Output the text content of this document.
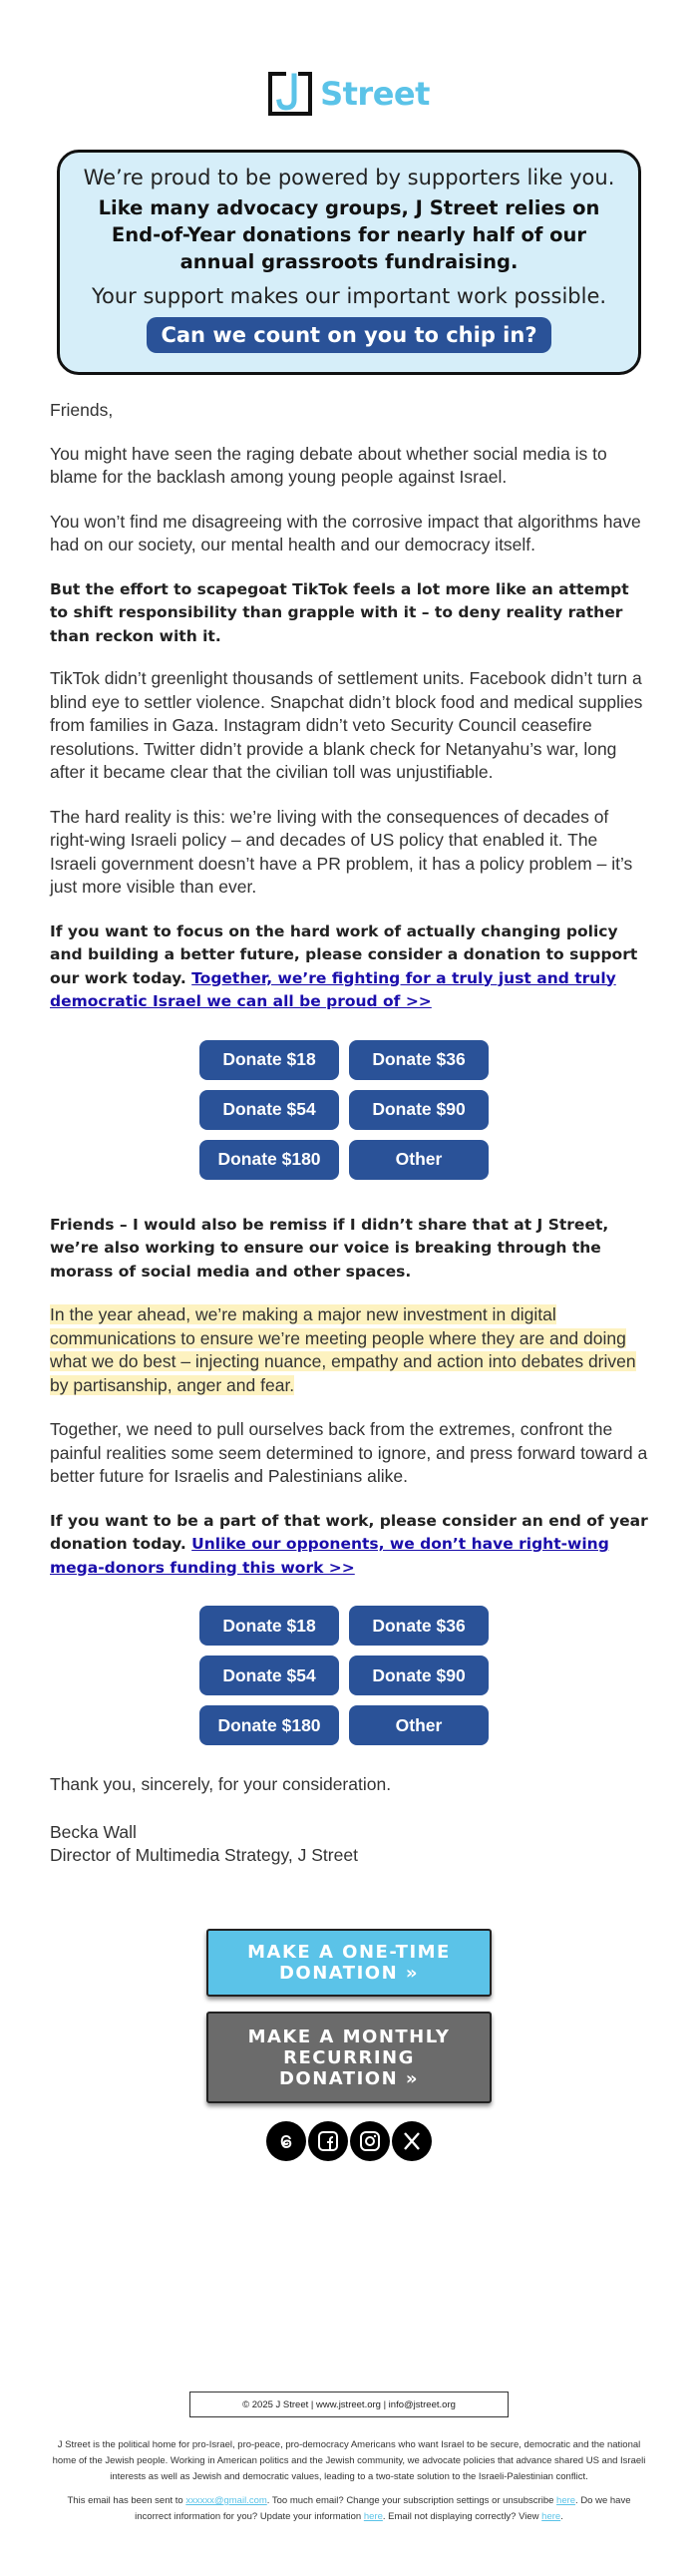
Street
We’re proud to be powered by supporters like you.
Like many advocacy groups, J Street relies on End-of-Year donations for nearly half of our annual grassroots fundraising.
Your support makes our important work possible.
Can we count on you to chip in?
Friends,
You might have seen the raging debate about whether social media is to blame for the backlash among young people against Israel.
You won’t find me disagreeing with the corrosive impact that algorithms have had on our society, our mental health and our democracy itself.
But the effort to scapegoat TikTok feels a lot more like an attempt to shift responsibility than grapple with it – to deny reality rather than reckon with it.
TikTok didn’t greenlight thousands of settlement units. Facebook didn’t turn a blind eye to settler violence. Snapchat didn’t block food and medical supplies from families in Gaza. Instagram didn’t veto Security Council ceasefire resolutions. Twitter didn’t provide a blank check for Netanyahu’s war, long after it became clear that the civilian toll was unjustifiable.
The hard reality is this: we’re living with the consequences of decades of right-wing Israeli policy – and decades of US policy that enabled it. The Israeli government doesn’t have a PR problem, it has a policy problem – it’s just more visible than ever.
If you want to focus on the hard work of actually changing policy and building a better future, please consider a donation to support our work today. Together, we’re fighting for a truly just and truly democratic Israel we can all be proud of >>
Donate $18	Donate $36
Donate $54	Donate $90
Donate $180	Other
Friends – I would also be remiss if I didn’t share that at J Street, we’re also working to ensure our voice is breaking through the morass of social media and other spaces.
In the year ahead, we’re making a major new investment in digital communications to ensure we’re meeting people where they are and doing what we do best – injecting nuance, empathy and action into debates driven by partisanship, anger and fear.
Together, we need to pull ourselves back from the extremes, confront the painful realities some seem determined to ignore, and press forward toward a better future for Israelis and Palestinians alike.
If you want to be a part of that work, please consider an end of year donation today. Unlike our opponents, we don’t have right-wing mega-donors funding this work >>
Donate $18	Donate $36
Donate $54	Donate $90
Donate $180	Other
Thank you, sincerely, for your consideration.
Becka Wall
Director of Multimedia Strategy, J Street
MAKE A ONE-TIME DONATION »
MAKE A MONTHLY
RECURRING
DONATION »
© 2025 J Street | www.jstreet.org | info@jstreet.org
J Street is the political home for pro-Israel, pro-peace, pro-democracy Americans who want Israel to be secure, democratic and the national home of the Jewish people. Working in American politics and the Jewish community, we advocate policies that advance shared US and Israeli interests as well as Jewish and democratic values, leading to a two-state solution to the Israeli-Palestinian conflict.
This email has been sent to xxxxxx@gmail.com. Too much email? Change your subscription settings or unsubscribe here. Do we have incorrect information for you? Update your information here. Email not displaying correctly? View here.
